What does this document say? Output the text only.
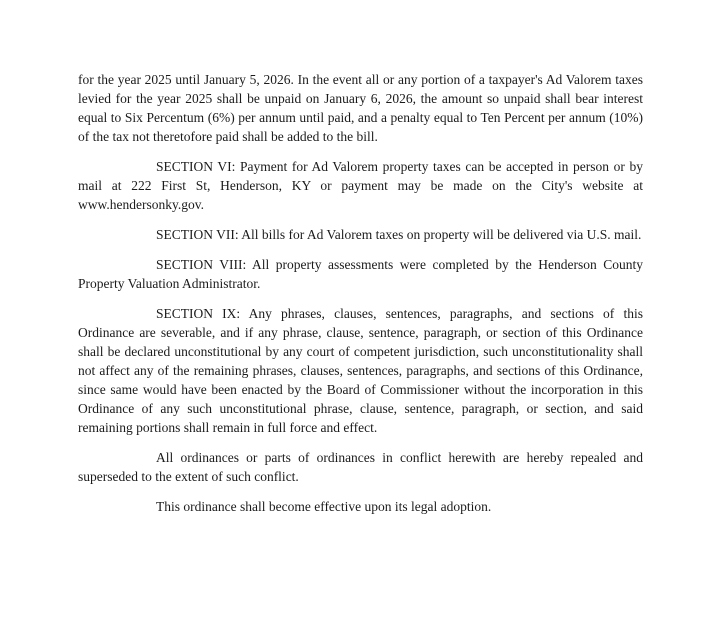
for the year 2025 until January 5, 2026. In the event all or any portion of a taxpayer's Ad Valorem taxes levied for the year 2025 shall be unpaid on January 6, 2026, the amount so unpaid shall bear interest equal to Six Percentum (6%) per annum until paid, and a penalty equal to Ten Percent per annum (10%) of the tax not theretofore paid shall be added to the bill.

SECTION VI: Payment for Ad Valorem property taxes can be accepted in person or by mail at 222 First St, Henderson, KY or payment may be made on the City's website at www.hendersonky.gov.

SECTION VII: All bills for Ad Valorem taxes on property will be delivered via U.S. mail.

SECTION VIII: All property assessments were completed by the Henderson County Property Valuation Administrator.

SECTION IX: Any phrases, clauses, sentences, paragraphs, and sections of this Ordinance are severable, and if any phrase, clause, sentence, paragraph, or section of this Ordinance shall be declared unconstitutional by any court of competent jurisdiction, such unconstitutionality shall not affect any of the remaining phrases, clauses, sentences, paragraphs, and sections of this Ordinance, since same would have been enacted by the Board of Commissioner without the incorporation in this Ordinance of any such unconstitutional phrase, clause, sentence, paragraph, or section, and said remaining portions shall remain in full force and effect.

All ordinances or parts of ordinances in conflict herewith are hereby repealed and superseded to the extent of such conflict.

This ordinance shall become effective upon its legal adoption.
